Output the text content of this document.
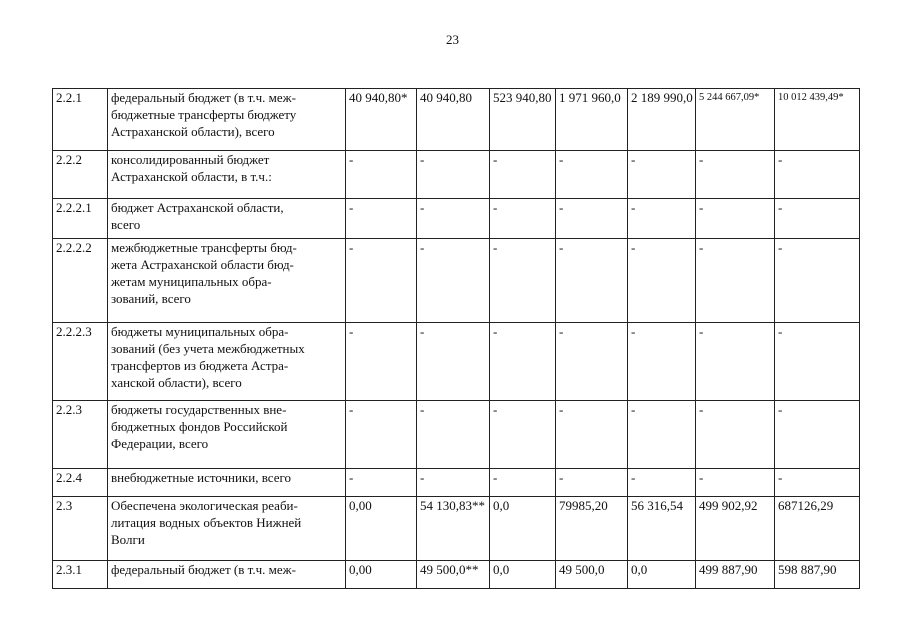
23
2.2.1	федеральный бюджет (в т.ч. меж-
бюджетные трансферты бюджету
Астраханской области), всего	40 940,80*	40 940,80	523 940,80	1 971 960,0	2 189 990,0	5 244 667,09*	10 012 439,49*
2.2.2	консолидированный бюджет
Астраханской области, в т.ч.:	-	-	-	-	-	-	-
2.2.2.1	бюджет Астраханской области,
всего	-	-	-	-	-	-	-
2.2.2.2	межбюджетные трансферты бюд-
жета Астраханской области бюд-
жетам муниципальных обра-
зований, всего	-	-	-	-	-	-	-
2.2.2.3	бюджеты муниципальных обра-
зований (без учета межбюджетных
трансфертов из бюджета Астра-
ханской области), всего	-	-	-	-	-	-	-
2.2.3	бюджеты государственных вне-
бюджетных фондов Российской
Федерации, всего	-	-	-	-	-	-	-
2.2.4	внебюджетные источники, всего	-	-	-	-	-	-	-
2.3	Обеспечена экологическая реаби-
литация водных объектов Нижней
Волги	0,00	54 130,83**	0,0	79985,20	56 316,54	499 902,92	687126,29
2.3.1	федеральный бюджет (в т.ч. меж-	0,00	49 500,0**	0,0	49 500,0	0,0	499 887,90	598 887,90
